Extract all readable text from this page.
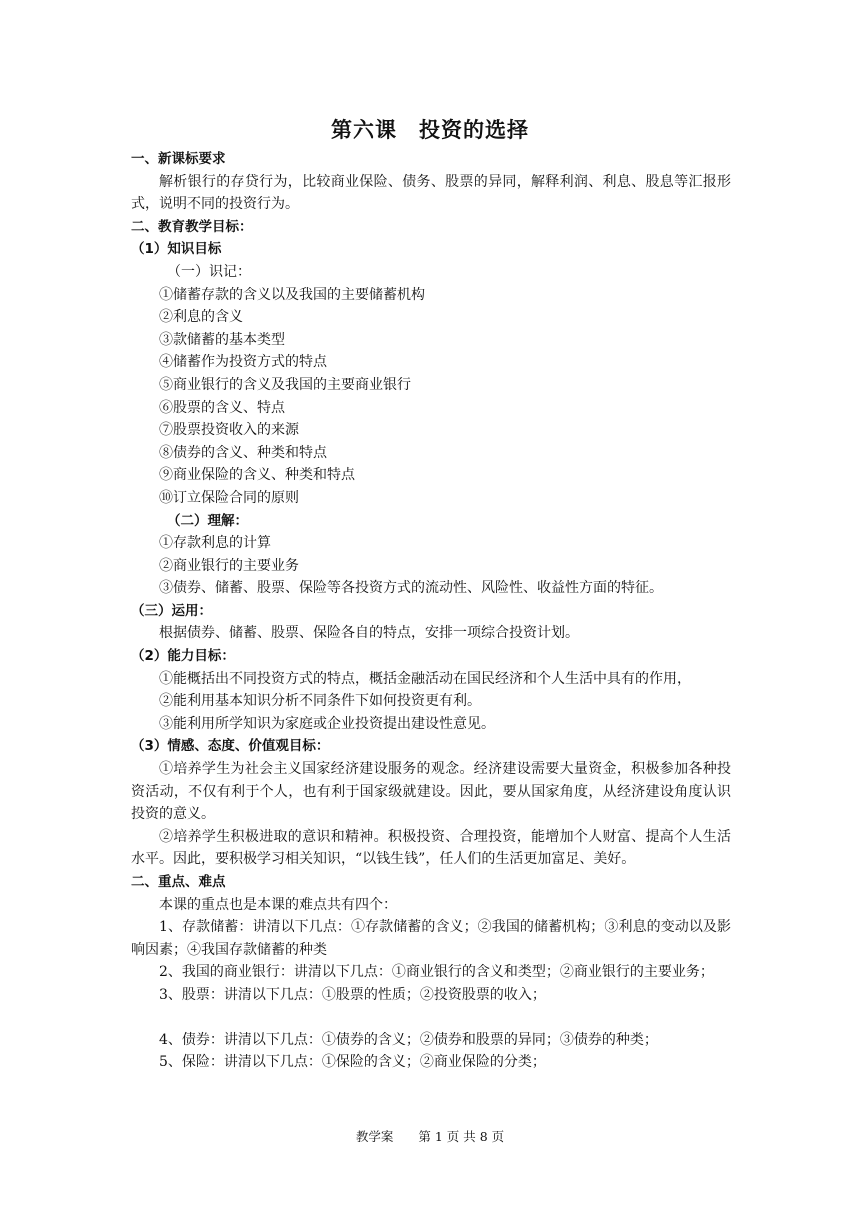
第六课　投资的选择
一、新课标要求
解析银行的存贷行为，比较商业保险、债务、股票的异同，解释利润、利息、股息等汇报形式，说明不同的投资行为。
二、教育教学目标：
（1）知识目标
（一）识记：
①储蓄存款的含义以及我国的主要储蓄机构
②利息的含义
③款储蓄的基本类型
④储蓄作为投资方式的特点
⑤商业银行的含义及我国的主要商业银行
⑥股票的含义、特点
⑦股票投资收入的来源
⑧债券的含义、种类和特点
⑨商业保险的含义、种类和特点
⑩订立保险合同的原则
（二）理解：
①存款利息的计算
②商业银行的主要业务
③债券、储蓄、股票、保险等各投资方式的流动性、风险性、收益性方面的特征。
（三）运用：
根据债券、储蓄、股票、保险各自的特点，安排一项综合投资计划。
（2）能力目标：
①能概括出不同投资方式的特点，概括金融活动在国民经济和个人生活中具有的作用，
②能利用基本知识分析不同条件下如何投资更有利。
③能利用所学知识为家庭或企业投资提出建设性意见。
（3）情感、态度、价值观目标：
①培养学生为社会主义国家经济建设服务的观念。经济建设需要大量资金，积极参加各种投资活动，不仅有利于个人，也有利于国家级就建设。因此，要从国家角度，从经济建设角度认识投资的意义。
②培养学生积极进取的意识和精神。积极投资、合理投资，能增加个人财富、提高个人生活水平。因此，要积极学习相关知识，“以钱生钱”，任人们的生活更加富足、美好。
二、重点、难点
本课的重点也是本课的难点共有四个：
1、存款储蓄：讲清以下几点：①存款储蓄的含义；②我国的储蓄机构；③利息的变动以及影响因素；④我国存款储蓄的种类
2、我国的商业银行：讲清以下几点：①商业银行的含义和类型；②商业银行的主要业务；
3、股票：讲清以下几点：①股票的性质；②投资股票的收入；
4、债券：讲清以下几点：①债券的含义；②债券和股票的异同；③债券的种类；
5、保险：讲清以下几点：①保险的含义；②商业保险的分类；
教学案　　第 1 页 共 8 页
